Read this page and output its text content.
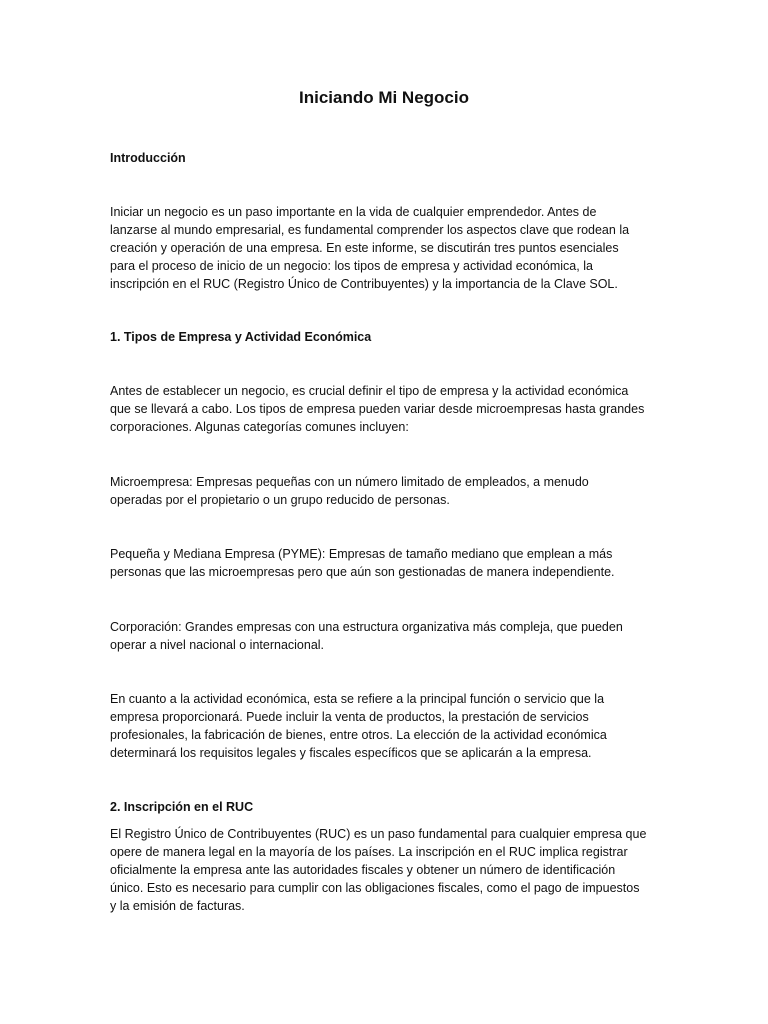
Iniciando Mi Negocio
Introducción

Iniciar un negocio es un paso importante en la vida de cualquier emprendedor. Antes de
lanzarse al mundo empresarial, es fundamental comprender los aspectos clave que rodean la
creación y operación de una empresa. En este informe, se discutirán tres puntos esenciales
para el proceso de inicio de un negocio: los tipos de empresa y actividad económica, la
inscripción en el RUC (Registro Único de Contribuyentes) y la importancia de la Clave SOL.

1. Tipos de Empresa y Actividad Económica

Antes de establecer un negocio, es crucial definir el tipo de empresa y la actividad económica
que se llevará a cabo. Los tipos de empresa pueden variar desde microempresas hasta grandes
corporaciones. Algunas categorías comunes incluyen:

Microempresa: Empresas pequeñas con un número limitado de empleados, a menudo
operadas por el propietario o un grupo reducido de personas.

Pequeña y Mediana Empresa (PYME): Empresas de tamaño mediano que emplean a más
personas que las microempresas pero que aún son gestionadas de manera independiente.

Corporación: Grandes empresas con una estructura organizativa más compleja, que pueden
operar a nivel nacional o internacional.

En cuanto a la actividad económica, esta se refiere a la principal función o servicio que la
empresa proporcionará. Puede incluir la venta de productos, la prestación de servicios
profesionales, la fabricación de bienes, entre otros. La elección de la actividad económica
determinará los requisitos legales y fiscales específicos que se aplicarán a la empresa.

2. Inscripción en el RUC

El Registro Único de Contribuyentes (RUC) es un paso fundamental para cualquier empresa que
opere de manera legal en la mayoría de los países. La inscripción en el RUC implica registrar
oficialmente la empresa ante las autoridades fiscales y obtener un número de identificación
único. Esto es necesario para cumplir con las obligaciones fiscales, como el pago de impuestos
y la emisión de facturas.
